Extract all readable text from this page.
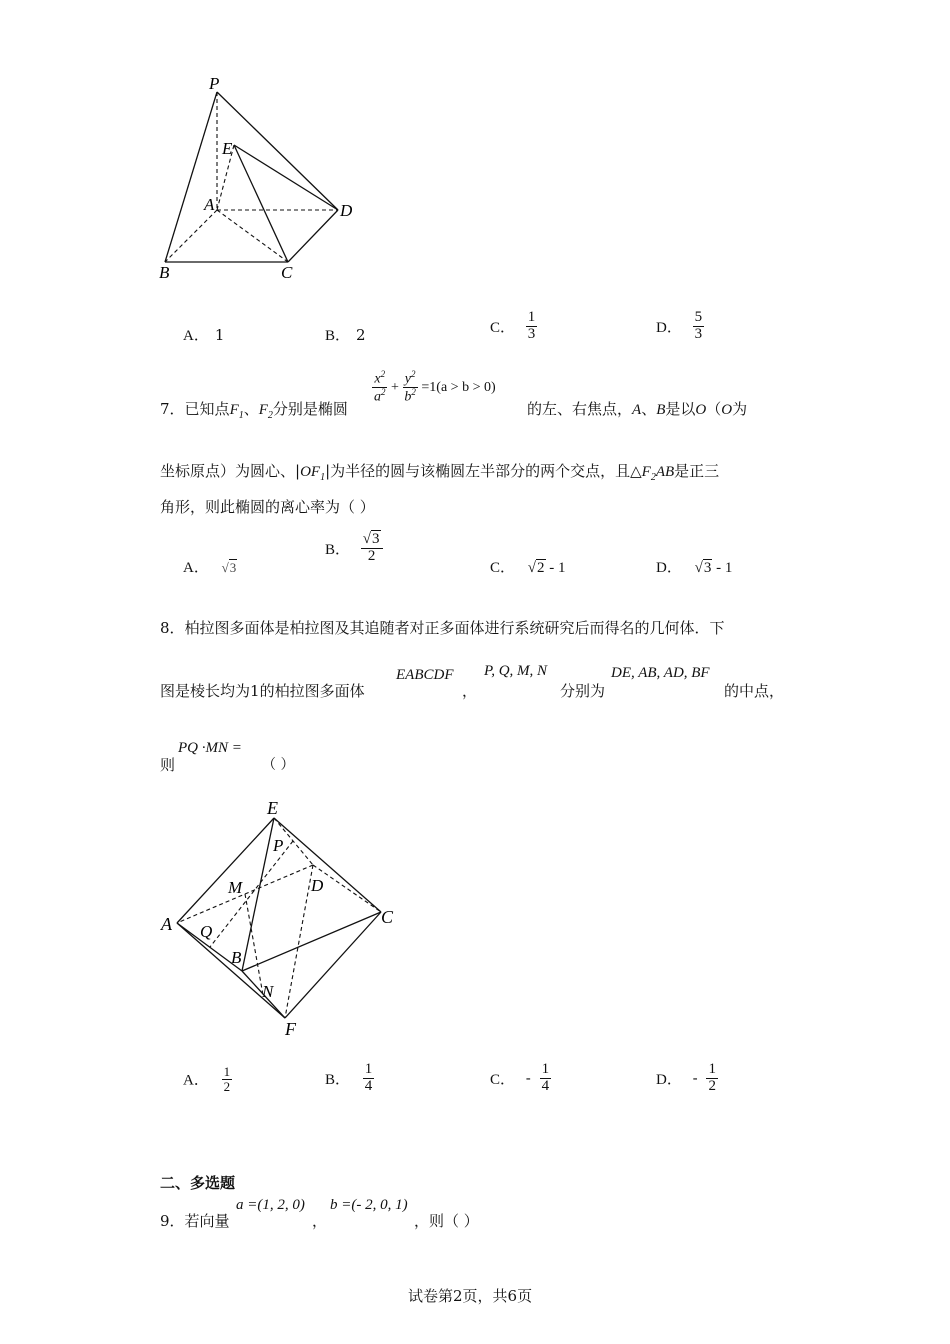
P
E
A	D
B	C
A． 1	B． 2	C． $\frac{1}{3}$	D． $\frac{5}{3}$
7．已知点$F_1$、$F_2$分别是椭圆
$\frac{x^2}{a^2} + \frac{y^2}{b^2} =1(a > b > 0)$
的左、右焦点，A、B是以O（O为
坐标原点）为圆心、$|OF_1|$为半径的圆与该椭圆左半部分的两个交点，且$\triangle F_2AB$是正三
角形，则此椭圆的离心率为（ ）
A． √3
B． $\frac{√3}{2}$
C． √2 - 1	D． √3 - 1
8．柏拉图多面体是柏拉图及其追随者对正多面体进行系统研究后而得名的几何体．下
图是棱长均为1的柏拉图多面体
EABCDF
，
P, Q, M, N
分别为
DE, AB, AD, BF
的中点，
则
PQ ·MN =
（ ）
E
P
M	D
A	C
Q
B
N
F
A． $\frac{1}{2}$	B． $\frac{1}{4}$	C． - $\frac{1}{4}$	D． - $\frac{1}{2}$
二、多选题
9．若向量
a =(1, 2, 0)
，
b =(- 2, 0, 1)
，则（ ）
试卷第2页，共6页
